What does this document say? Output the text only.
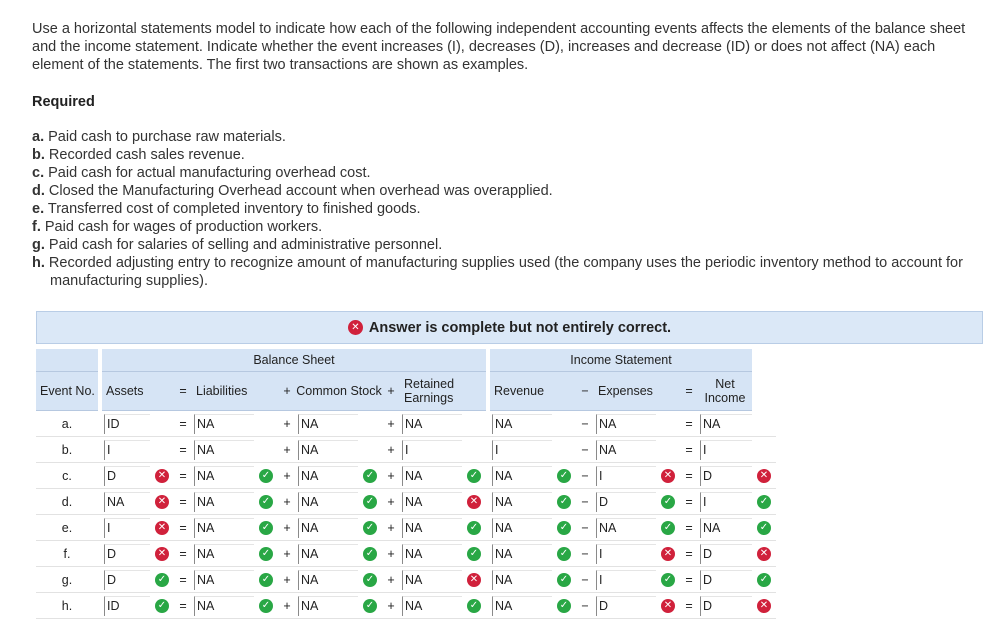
Use a horizontal statements model to indicate how each of the following independent accounting events affects the elements of the balance sheet and the income statement. Indicate whether the event increases (I), decreases (D), increases and decrease (ID) or does not affect (NA) each element of the statements. The first two transactions are shown as examples.
Required

a. Paid cash to purchase raw materials.

b. Recorded cash sales revenue.

c. Paid cash for actual manufacturing overhead cost.

d. Closed the Manufacturing Overhead account when overhead was overapplied.

e. Transferred cost of completed inventory to finished goods.

f. Paid cash for wages of production workers.

g. Paid cash for salaries of selling and administrative personnel.

h. Recorded adjusting entry to recognize amount of manufacturing supplies used (the company uses the periodic inventory method to account for manufacturing supplies).

✕ Answer is complete but not entirely correct.
		Balance Sheet												Income Statement							
Event No.		Assets		=	Liabilities		+	Common Stock		+	Retained Earnings			Revenue		−	Expenses		=	Net Income	
a.		ID		=	NA		+	NA		+	NA			NA		−	NA		=	NA	

b.		I		=	NA		+	NA		+	I			I		−	NA		=	I	

c.		D	✕	=	NA	✓	+	NA	✓	+	NA	✓		NA	✓	−	I	✕	=	D	✕
d.		NA	✕	=	NA	✓	+	NA	✓	+	NA	✕		NA	✓	−	D	✓	=	I	✓
e.		I	✕	=	NA	✓	+	NA	✓	+	NA	✓		NA	✓	−	NA	✓	=	NA	✓
f.		D	✕	=	NA	✓	+	NA	✓	+	NA	✓		NA	✓	−	I	✕	=	D	✕
g.		D	✓	=	NA	✓	+	NA	✓	+	NA	✕		NA	✓	−	I	✓	=	D	✓
h.		ID	✓	=	NA	✓	+	NA	✓	+	NA	✓		NA	✓	−	D	✕	=	D	✕
